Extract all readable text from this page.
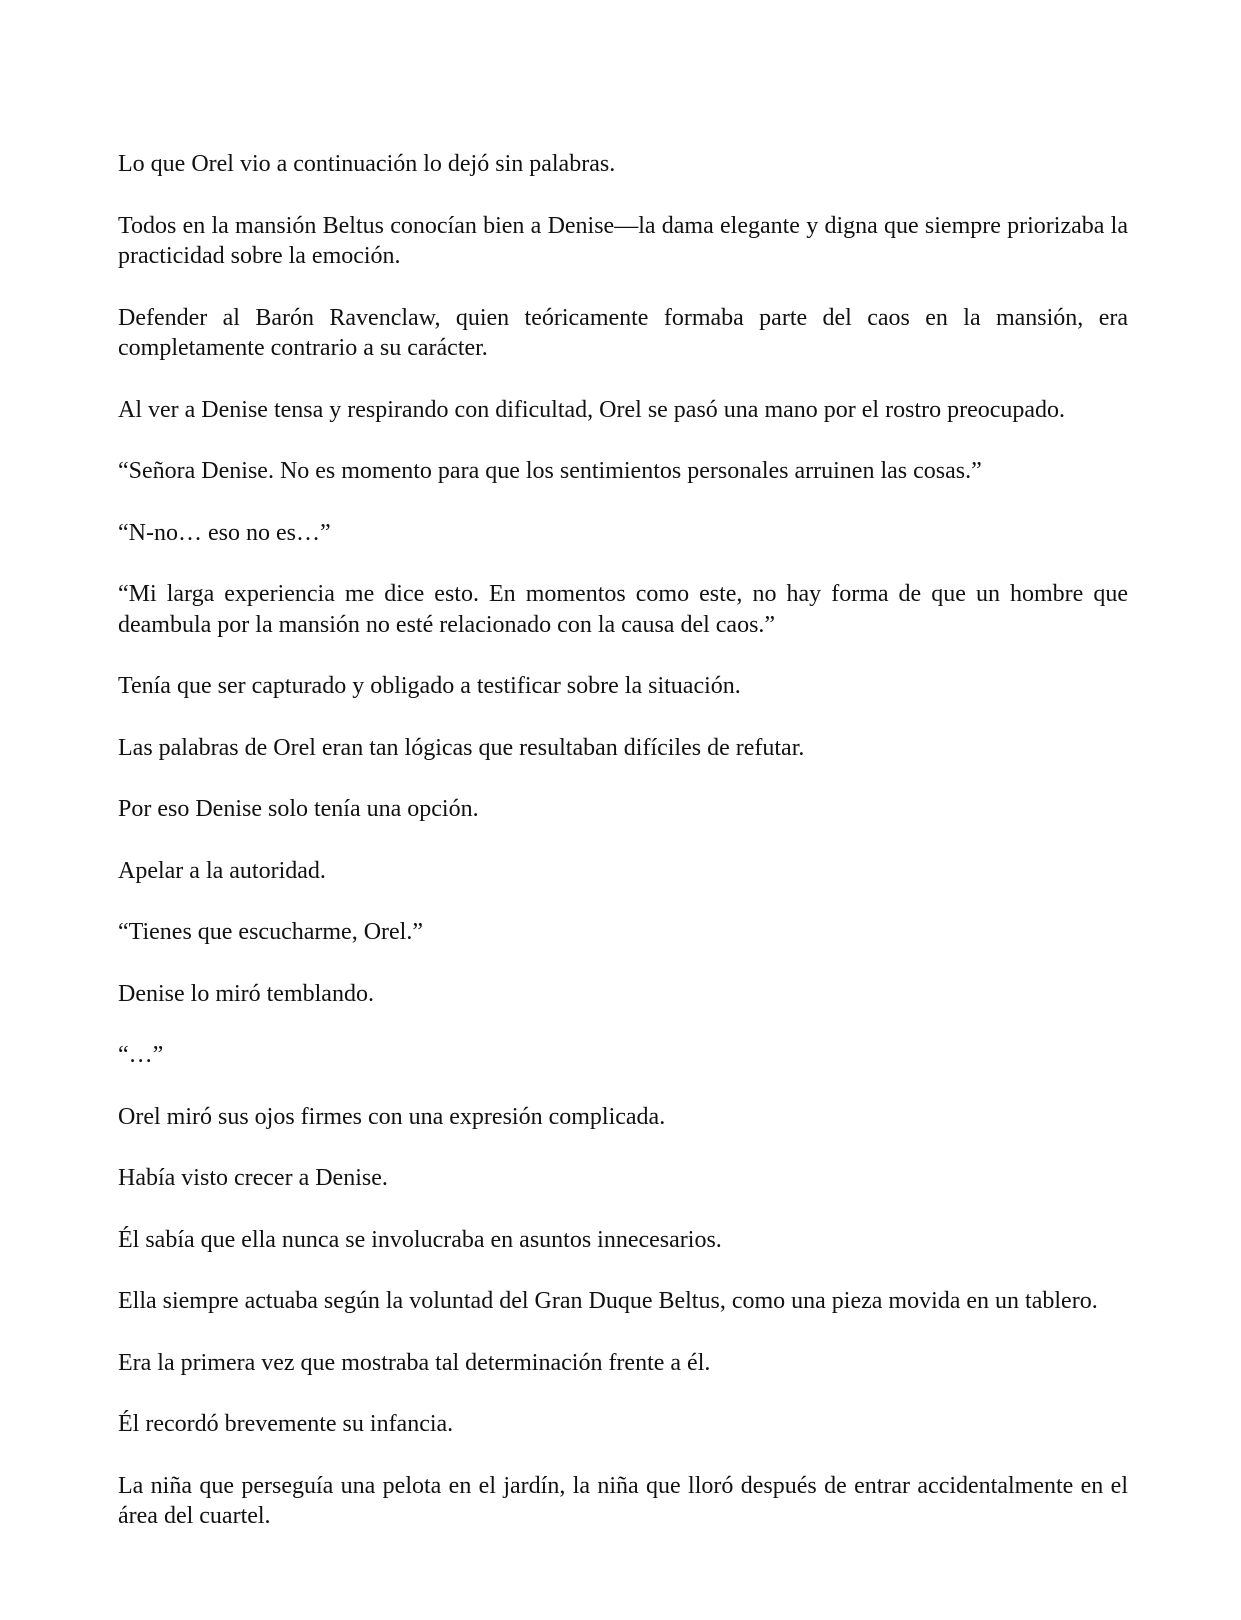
Lo que Orel vio a continuación lo dejó sin palabras.

Todos en la mansión Beltus conocían bien a Denise—la dama elegante y digna que siempre priorizaba la practicidad sobre la emoción.

Defender al Barón Ravenclaw, quien teóricamente formaba parte del caos en la mansión, era completamente contrario a su carácter.

Al ver a Denise tensa y respirando con dificultad, Orel se pasó una mano por el rostro preocupado.

“Señora Denise. No es momento para que los sentimientos personales arruinen las cosas.”

“N-no… eso no es…”

“Mi larga experiencia me dice esto. En momentos como este, no hay forma de que un hombre que deambula por la mansión no esté relacionado con la causa del caos.”

Tenía que ser capturado y obligado a testificar sobre la situación.

Las palabras de Orel eran tan lógicas que resultaban difíciles de refutar.

Por eso Denise solo tenía una opción.

Apelar a la autoridad.

“Tienes que escucharme, Orel.”

Denise lo miró temblando.

“…”

Orel miró sus ojos firmes con una expresión complicada.

Había visto crecer a Denise.

Él sabía que ella nunca se involucraba en asuntos innecesarios.

Ella siempre actuaba según la voluntad del Gran Duque Beltus, como una pieza movida en un tablero.

Era la primera vez que mostraba tal determinación frente a él.

Él recordó brevemente su infancia.

La niña que perseguía una pelota en el jardín, la niña que lloró después de entrar accidentalmente en el área del cuartel.
